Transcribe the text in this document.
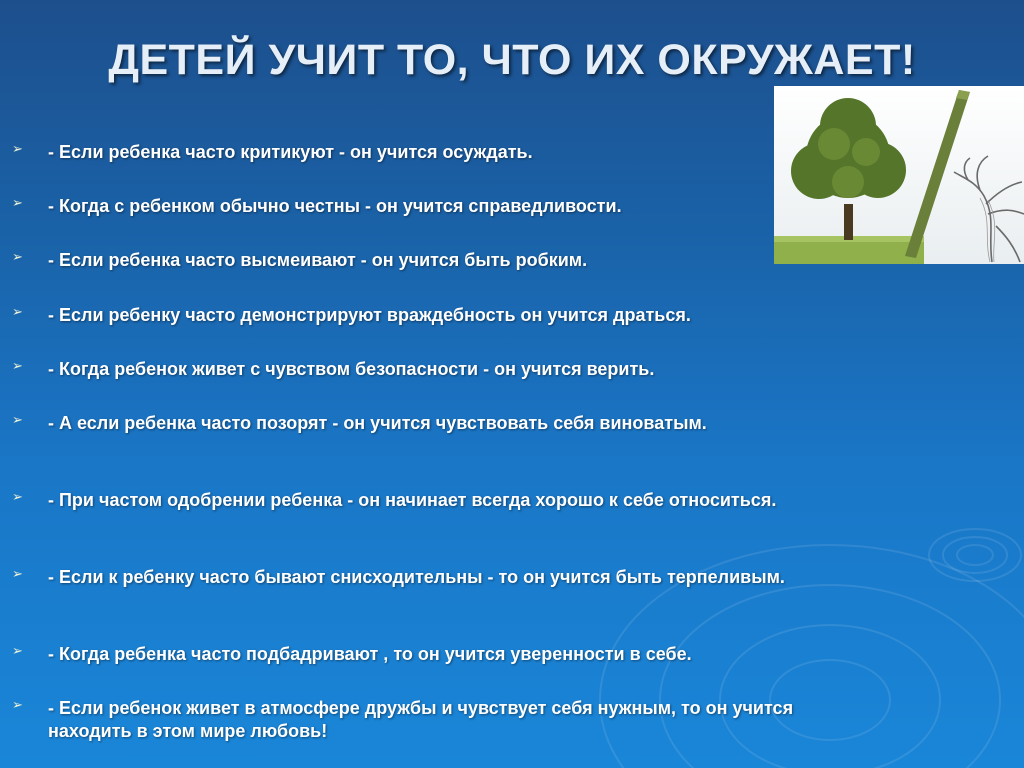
ДЕТЕЙ УЧИТ ТО, ЧТО ИХ ОКРУЖАЕТ!
➢ - Если ребенка часто критикуют - он учится осуждать.

➢ - Когда с ребенком обычно честны - он учится справедливости.

➢ - Если ребенка часто высмеивают - он учится быть робким.

➢ - Если ребенку часто демонстрируют враждебность он учится драться.

➢ - Когда ребенок живет с чувством безопасности - он учится верить.

➢ - А если ребенка часто позорят - он учится чувствовать себя виноватым.

➢ - При частом одобрении ребенка - он начинает всегда хорошо к себе относиться.

➢ - Если к ребенку часто бывают снисходительны - то он учится быть терпеливым.

➢ - Когда ребенка часто подбадривают , то он учится уверенности в себе.

➢ - Если ребенок живет в атмосфере дружбы и чувствует себя нужным, то он учится находить в этом мире любовь!
